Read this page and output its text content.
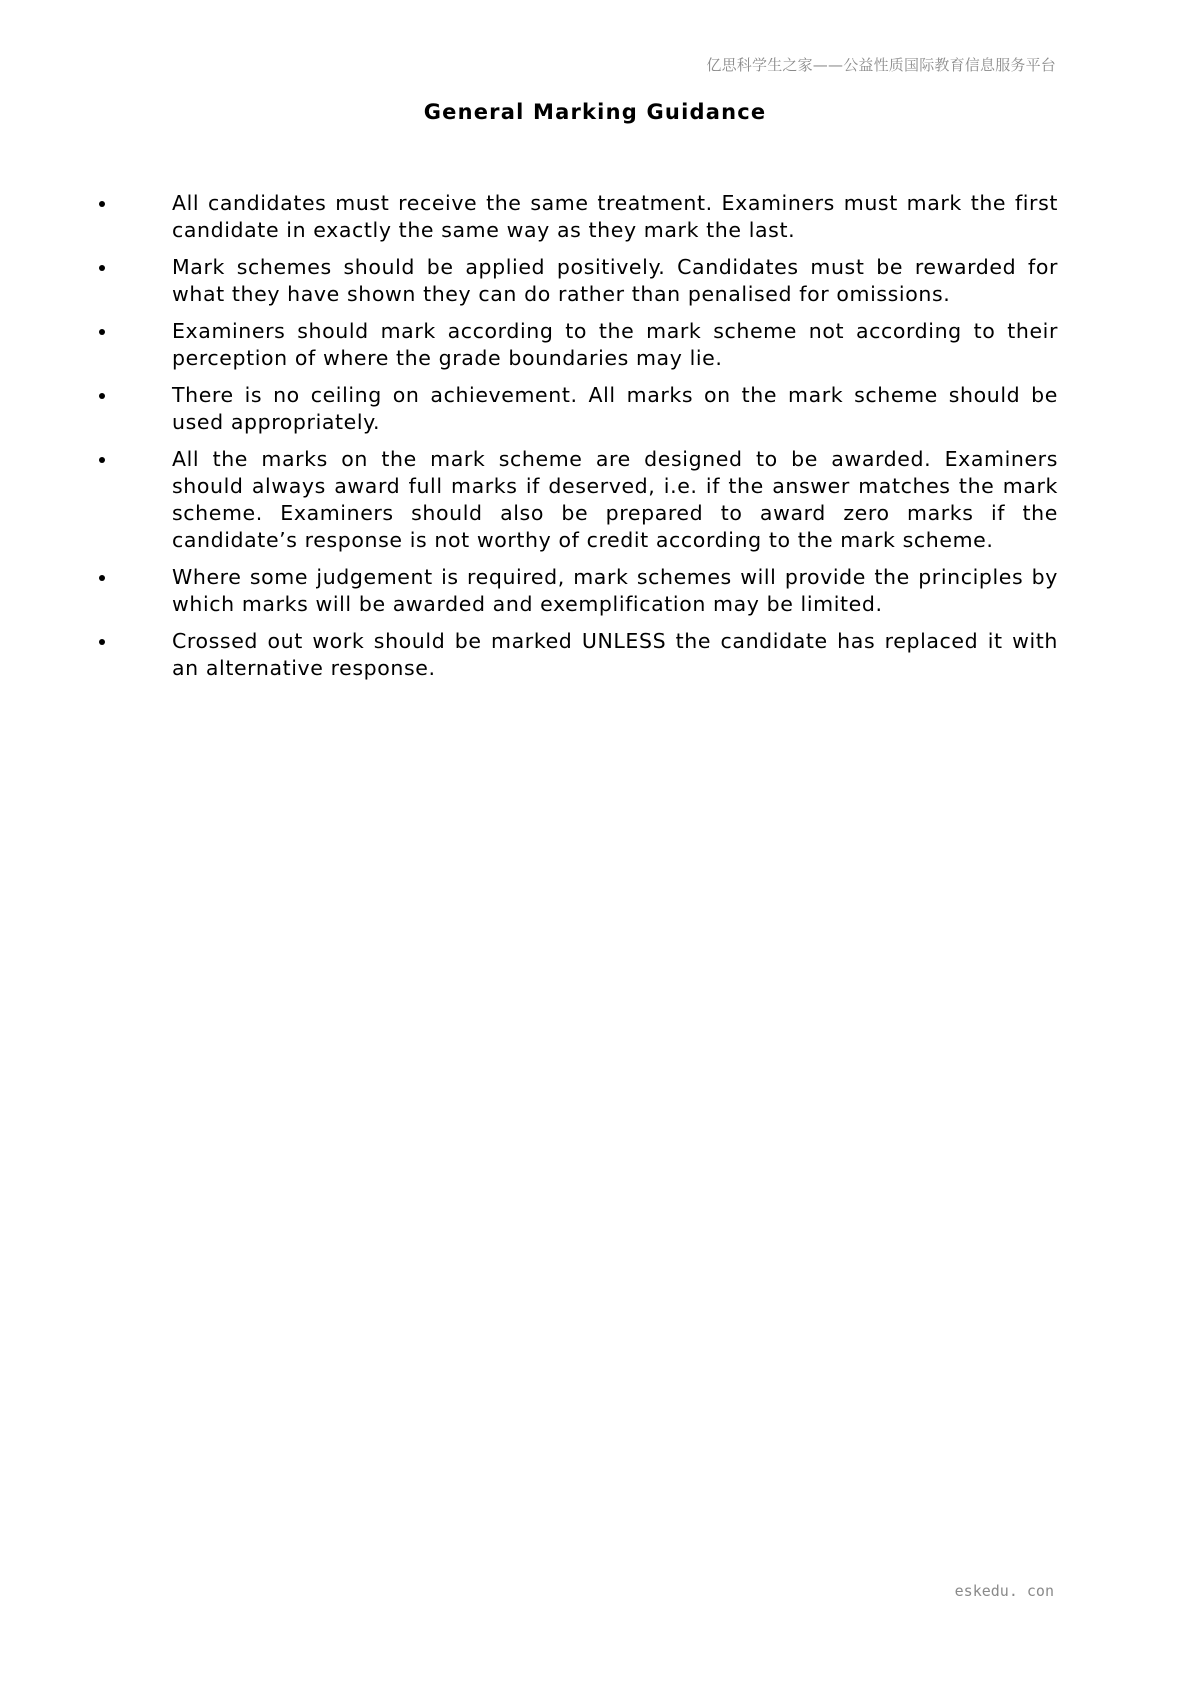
亿思科学生之家——公益性质国际教育信息服务平台
General Marking Guidance
All candidates must receive the same treatment. Examiners must mark the first candidate in exactly the same way as they mark the last.
Mark schemes should be applied positively. Candidates must be rewarded for what they have shown they can do rather than penalised for omissions.
Examiners should mark according to the mark scheme not according to their perception of where the grade boundaries may lie.
There is no ceiling on achievement. All marks on the mark scheme should be used appropriately.
All the marks on the mark scheme are designed to be awarded. Examiners should always award full marks if deserved, i.e. if the answer matches the mark scheme. Examiners should also be prepared to award zero marks if the candidate’s response is not worthy of credit according to the mark scheme.
Where some judgement is required, mark schemes will provide the principles by which marks will be awarded and exemplification may be limited.
Crossed out work should be marked UNLESS the candidate has replaced it with an alternative response.
eskedu. con
